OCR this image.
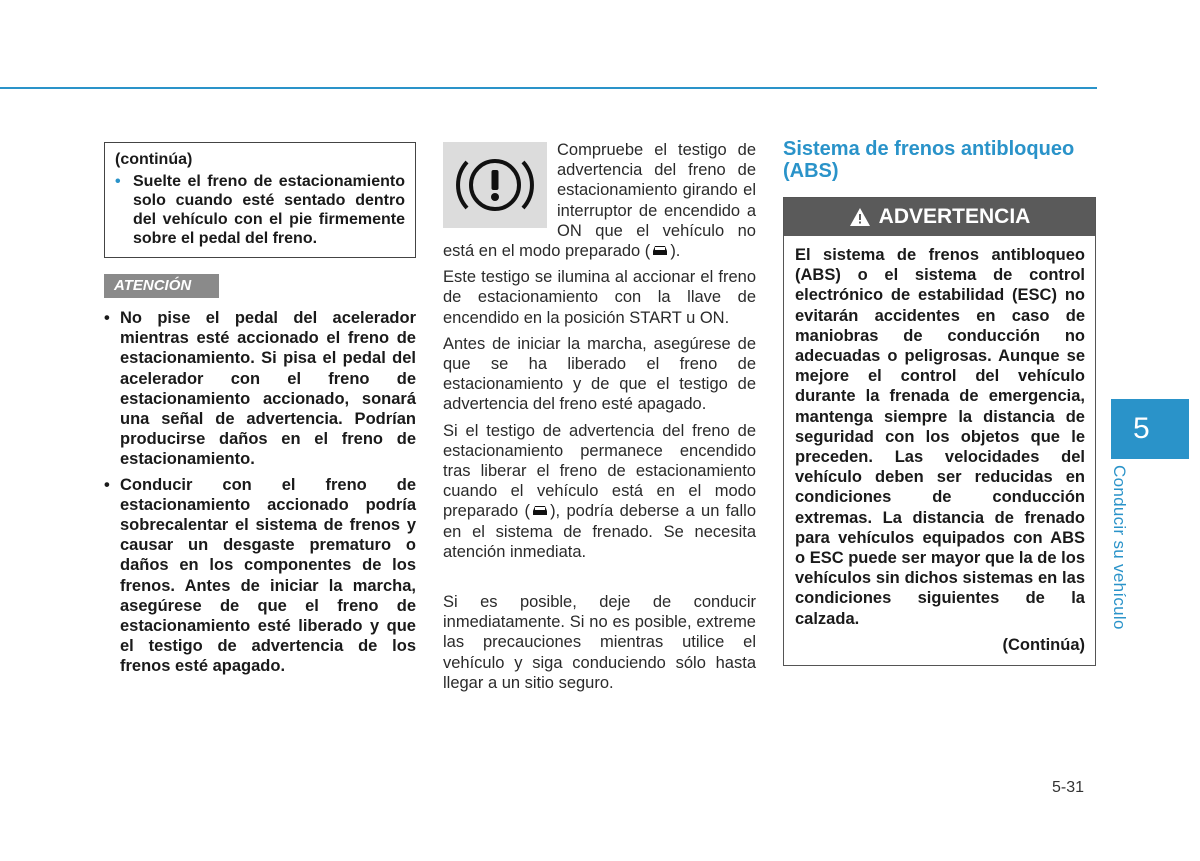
(continúa)
• Suelte el freno de estacionamiento solo cuando esté sentado dentro del vehículo con el pie firmemente sobre el pedal del freno.
ATENCIÓN
• No pise el pedal del acelerador mientras esté accionado el freno de estacionamiento. Si pisa el pedal del acelerador con el freno de estacionamiento accionado, sonará una señal de advertencia. Podrían producirse daños en el freno de estacionamiento.
• Conducir con el freno de estacionamiento accionado podría sobrecalentar el sistema de frenos y causar un desgaste prematuro o daños en los componentes de los frenos. Antes de iniciar la marcha, asegúrese de que el freno de estacionamiento esté liberado y que el testigo de advertencia de los frenos esté apagado.

Compruebe el testigo de advertencia del freno de estacionamiento girando el interruptor de encendido a ON que el vehículo no está en el modo preparado ( ).

Este testigo se ilumina al accionar el freno de estacionamiento con la llave de encendido en la posición START u ON.

Antes de iniciar la marcha, asegúrese de que se ha liberado el freno de estacionamiento y de que el testigo de advertencia del freno esté apagado.

Si el testigo de advertencia del freno de estacionamiento permanece encendido tras liberar el freno de estacionamiento cuando el vehículo está en el modo preparado ( ), podría deberse a un fallo en el sistema de frenado. Se necesita atención inmediata.

Si es posible, deje de conducir inmediatamente. Si no es posible, extreme las precauciones mientras utilice el vehículo y siga conduciendo sólo hasta llegar a un sitio seguro.

Sistema de frenos antibloqueo (ABS)
ADVERTENCIA
El sistema de frenos antibloqueo (ABS) o el sistema de control electrónico de estabilidad (ESC) no evitarán accidentes en caso de maniobras de conducción no adecuadas o peligrosas. Aunque se mejore el control del vehículo durante la frenada de emergencia, mantenga siempre la distancia de seguridad con los objetos que le preceden. Las velocidades del vehículo deben ser reducidas en condiciones de conducción extremas. La distancia de frenado para vehículos equipados con ABS o ESC puede ser mayor que la de los vehículos sin dichos sistemas en las condiciones siguientes de la calzada.
(Continúa)
5
Conducir su vehículo
5-31
